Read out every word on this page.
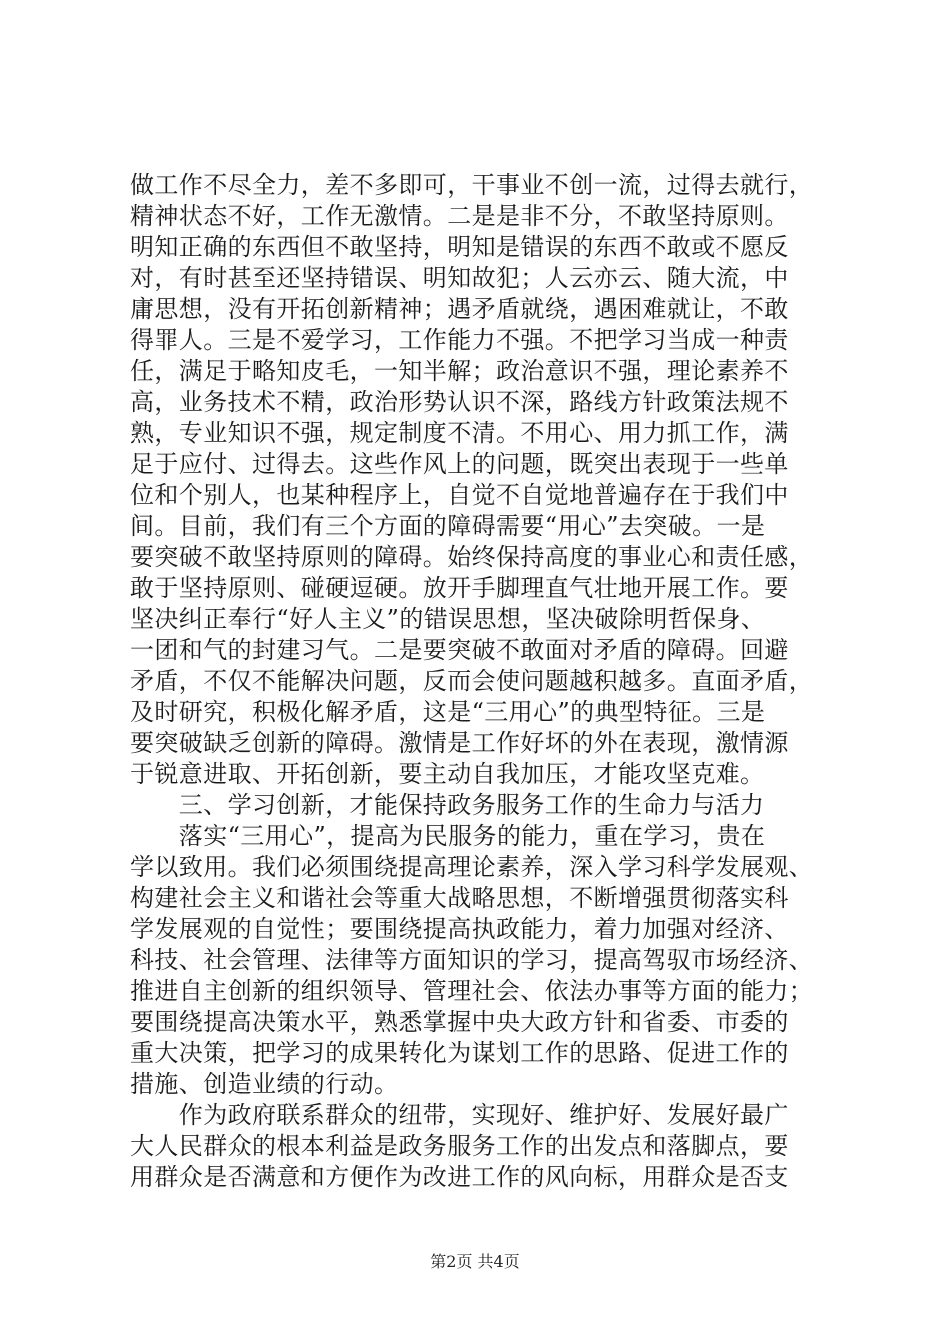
做工作不尽全力，差不多即可，干事业不创一流，过得去就行，
精神状态不好，工作无激情。二是是非不分，不敢坚持原则。
明知正确的东西但不敢坚持，明知是错误的东西不敢或不愿反
对，有时甚至还坚持错误、明知故犯；人云亦云、随大流，中
庸思想，没有开拓创新精神；遇矛盾就绕，遇困难就让，不敢
得罪人。三是不爱学习，工作能力不强。不把学习当成一种责
任，满足于略知皮毛，一知半解；政治意识不强，理论素养不
高，业务技术不精，政治形势认识不深，路线方针政策法规不
熟，专业知识不强，规定制度不清。不用心、用力抓工作，满
足于应付、过得去。这些作风上的问题，既突出表现于一些单
位和个别人，也某种程序上，自觉不自觉地普遍存在于我们中
间。目前，我们有三个方面的障碍需要“用心”去突破。一是
要突破不敢坚持原则的障碍。始终保持高度的事业心和责任感，
敢于坚持原则、碰硬逗硬。放开手脚理直气壮地开展工作。要
坚决纠正奉行“好人主义”的错误思想，坚决破除明哲保身、
一团和气的封建习气。二是要突破不敢面对矛盾的障碍。回避
矛盾，不仅不能解决问题，反而会使问题越积越多。直面矛盾，
及时研究，积极化解矛盾，这是“三用心”的典型特征。三是
要突破缺乏创新的障碍。激情是工作好坏的外在表现，激情源
于锐意进取、开拓创新，要主动自我加压，才能攻坚克难。
　　三、学习创新，才能保持政务服务工作的生命力与活力
　　落实“三用心”，提高为民服务的能力，重在学习，贵在
学以致用。我们必须围绕提高理论素养，深入学习科学发展观、
构建社会主义和谐社会等重大战略思想，不断增强贯彻落实科
学发展观的自觉性；要围绕提高执政能力，着力加强对经济、
科技、社会管理、法律等方面知识的学习，提高驾驭市场经济、
推进自主创新的组织领导、管理社会、依法办事等方面的能力；
要围绕提高决策水平，熟悉掌握中央大政方针和省委、市委的
重大决策，把学习的成果转化为谋划工作的思路、促进工作的
措施、创造业绩的行动。
　　作为政府联系群众的纽带，实现好、维护好、发展好最广
大人民群众的根本利益是政务服务工作的出发点和落脚点，要
用群众是否满意和方便作为改进工作的风向标，用群众是否支
第2页 共4页
